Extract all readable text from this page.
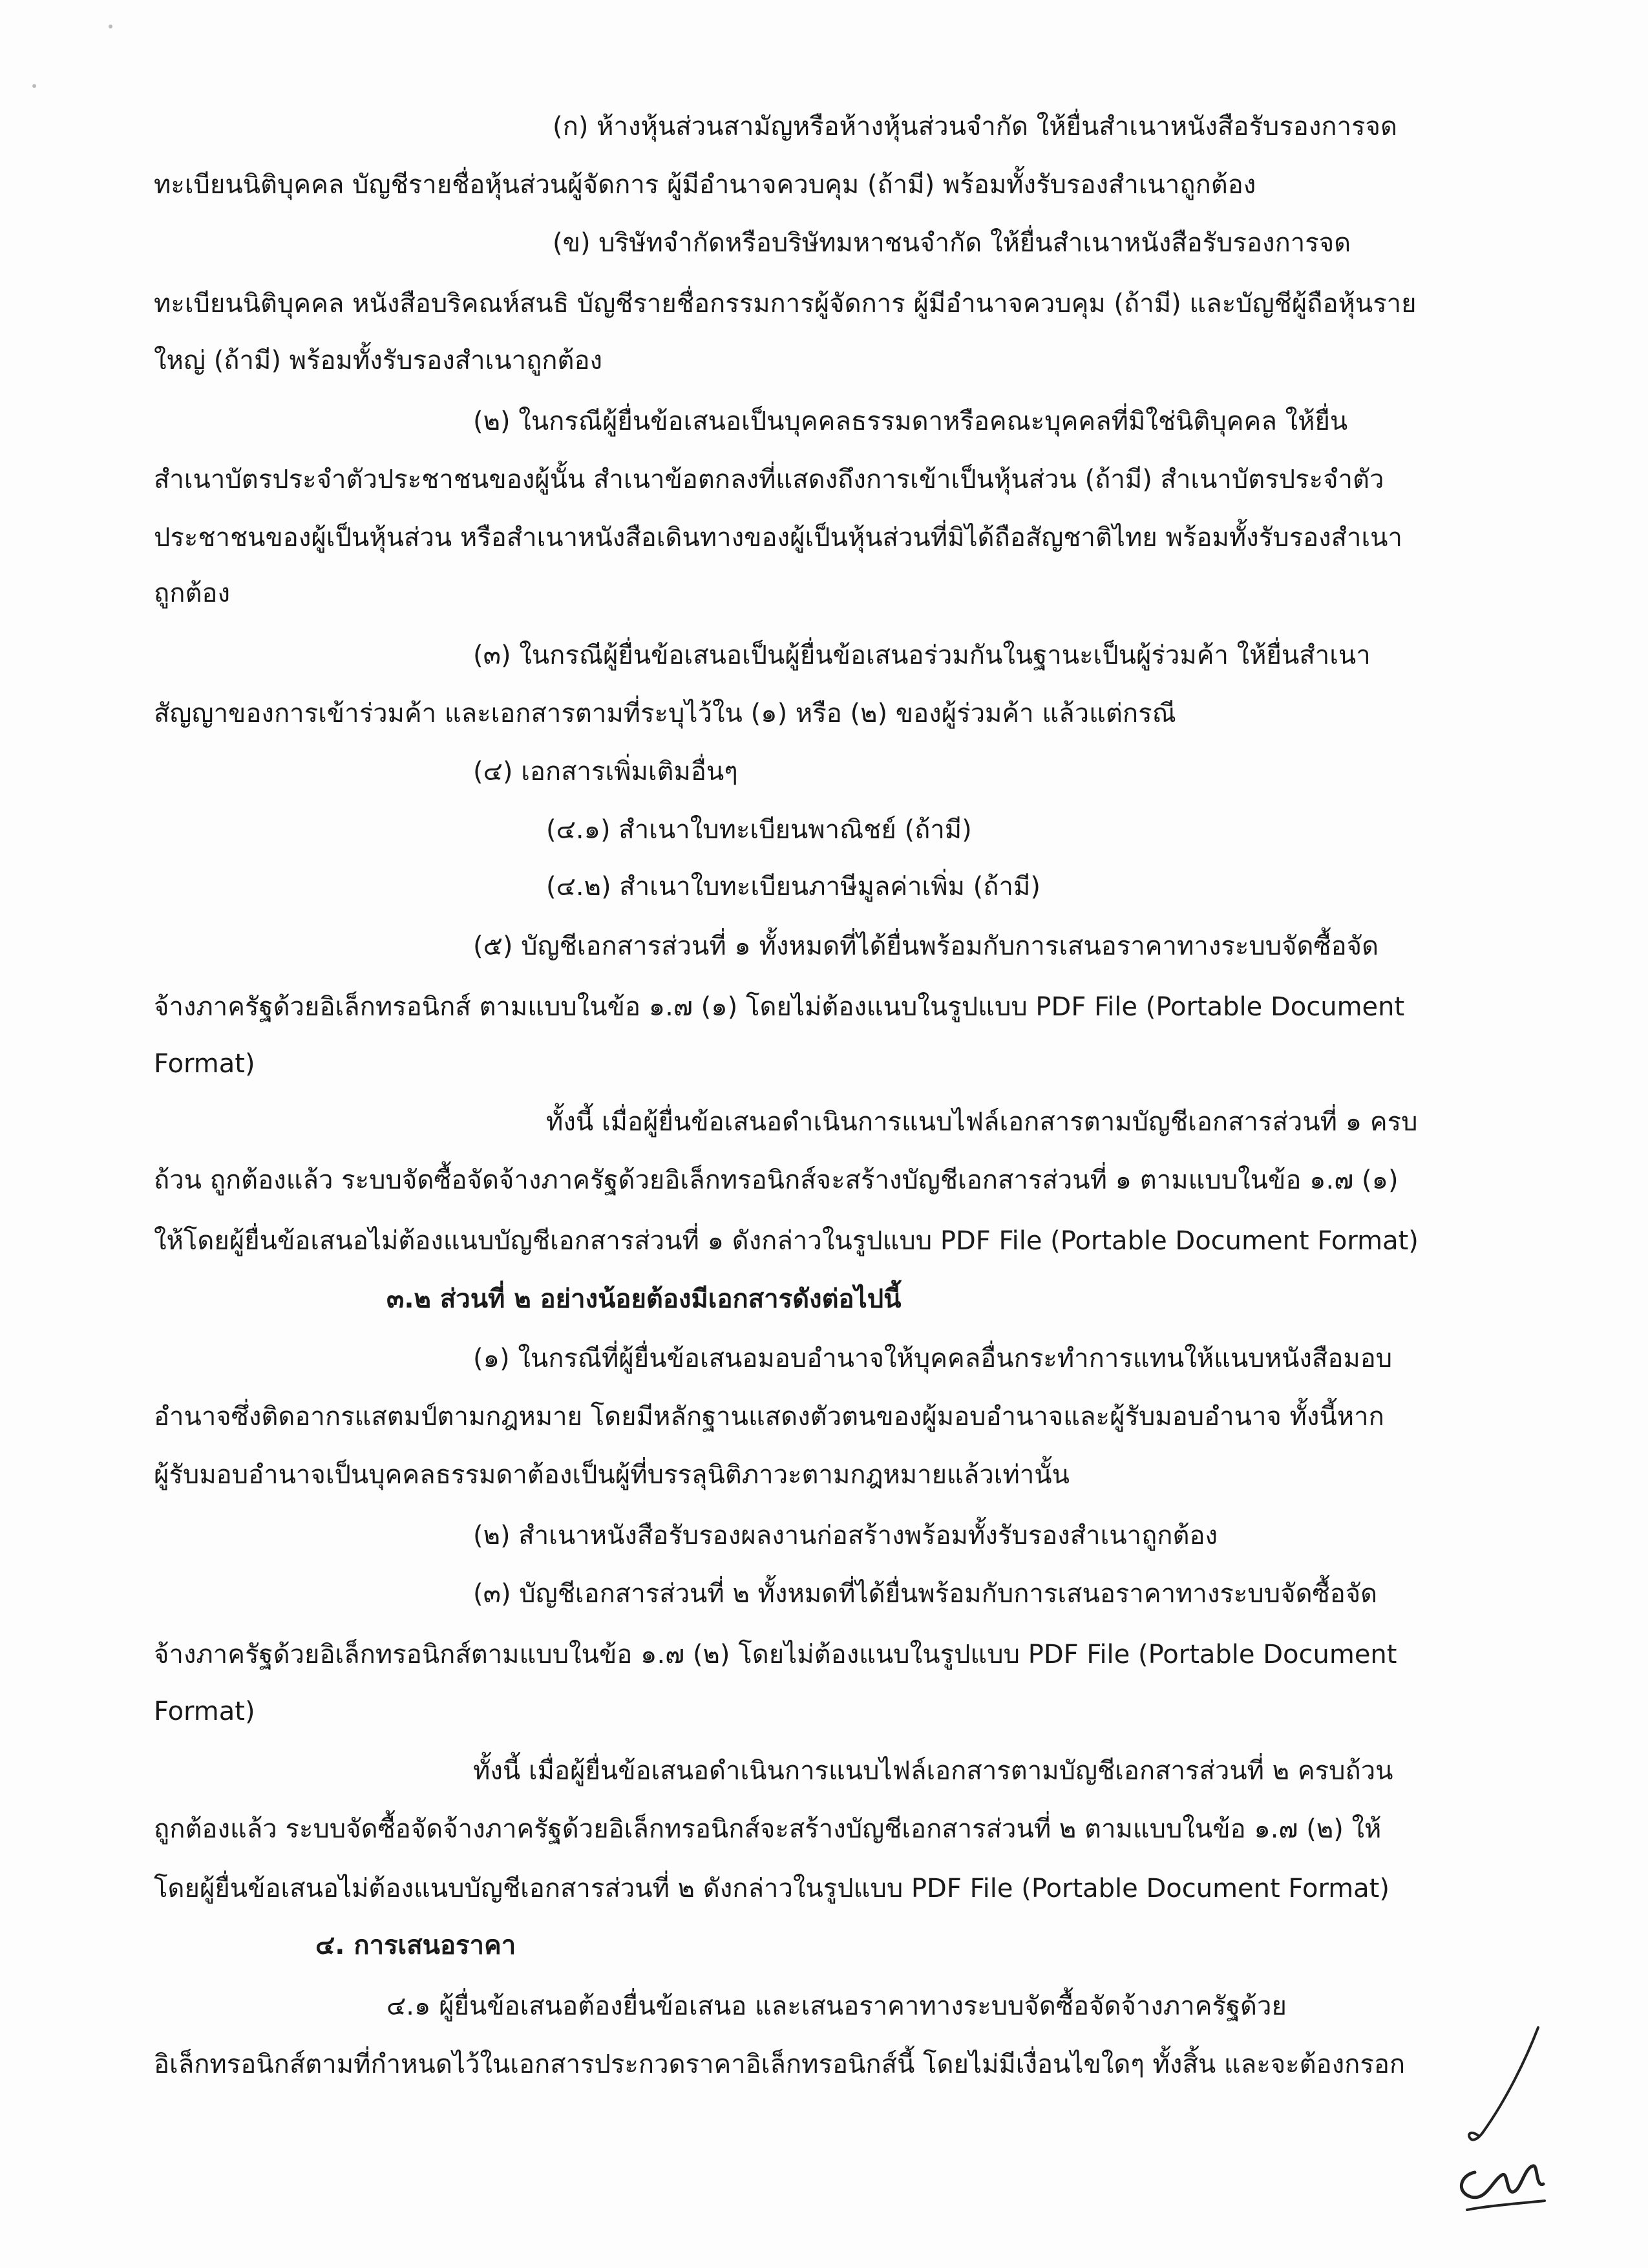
(ก) ห้างหุ้นส่วนสามัญหรือห้างหุ้นส่วนจำกัด ให้ยื่นสำเนาหนังสือรับรองการจด
ทะเบียนนิติบุคคล บัญชีรายชื่อหุ้นส่วนผู้จัดการ ผู้มีอำนาจควบคุม (ถ้ามี) พร้อมทั้งรับรองสำเนาถูกต้อง
(ข) บริษัทจำกัดหรือบริษัทมหาชนจำกัด ให้ยื่นสำเนาหนังสือรับรองการจด
ทะเบียนนิติบุคคล หนังสือบริคณห์สนธิ บัญชีรายชื่อกรรมการผู้จัดการ ผู้มีอำนาจควบคุม (ถ้ามี) และบัญชีผู้ถือหุ้นราย
ใหญ่ (ถ้ามี) พร้อมทั้งรับรองสำเนาถูกต้อง
(๒) ในกรณีผู้ยื่นข้อเสนอเป็นบุคคลธรรมดาหรือคณะบุคคลที่มิใช่นิติบุคคล ให้ยื่น
สำเนาบัตรประจำตัวประชาชนของผู้นั้น สำเนาข้อตกลงที่แสดงถึงการเข้าเป็นหุ้นส่วน (ถ้ามี) สำเนาบัตรประจำตัว
ประชาชนของผู้เป็นหุ้นส่วน หรือสำเนาหนังสือเดินทางของผู้เป็นหุ้นส่วนที่มิได้ถือสัญชาติไทย พร้อมทั้งรับรองสำเนา
ถูกต้อง
(๓) ในกรณีผู้ยื่นข้อเสนอเป็นผู้ยื่นข้อเสนอร่วมกันในฐานะเป็นผู้ร่วมค้า ให้ยื่นสำเนา
สัญญาของการเข้าร่วมค้า และเอกสารตามที่ระบุไว้ใน (๑) หรือ (๒) ของผู้ร่วมค้า แล้วแต่กรณี
(๔) เอกสารเพิ่มเติมอื่นๆ
(๔.๑) สำเนาใบทะเบียนพาณิชย์ (ถ้ามี)
(๔.๒) สำเนาใบทะเบียนภาษีมูลค่าเพิ่ม (ถ้ามี)
(๕) บัญชีเอกสารส่วนที่ ๑ ทั้งหมดที่ได้ยื่นพร้อมกับการเสนอราคาทางระบบจัดซื้อจัด
จ้างภาครัฐด้วยอิเล็กทรอนิกส์ ตามแบบในข้อ ๑.๗ (๑) โดยไม่ต้องแนบในรูปแบบ PDF File (Portable Document
Format)
ทั้งนี้ เมื่อผู้ยื่นข้อเสนอดำเนินการแนบไฟล์เอกสารตามบัญชีเอกสารส่วนที่ ๑ ครบ
ถ้วน ถูกต้องแล้ว ระบบจัดซื้อจัดจ้างภาครัฐด้วยอิเล็กทรอนิกส์จะสร้างบัญชีเอกสารส่วนที่ ๑ ตามแบบในข้อ ๑.๗ (๑)
ให้โดยผู้ยื่นข้อเสนอไม่ต้องแนบบัญชีเอกสารส่วนที่ ๑ ดังกล่าวในรูปแบบ PDF File (Portable Document Format)
๓.๒ ส่วนที่ ๒ อย่างน้อยต้องมีเอกสารดังต่อไปนี้
(๑) ในกรณีที่ผู้ยื่นข้อเสนอมอบอำนาจให้บุคคลอื่นกระทำการแทนให้แนบหนังสือมอบ
อำนาจซึ่งติดอากรแสตมป์ตามกฎหมาย โดยมีหลักฐานแสดงตัวตนของผู้มอบอำนาจและผู้รับมอบอำนาจ ทั้งนี้หาก
ผู้รับมอบอำนาจเป็นบุคคลธรรมดาต้องเป็นผู้ที่บรรลุนิติภาวะตามกฎหมายแล้วเท่านั้น
(๒) สำเนาหนังสือรับรองผลงานก่อสร้างพร้อมทั้งรับรองสำเนาถูกต้อง
(๓) บัญชีเอกสารส่วนที่ ๒ ทั้งหมดที่ได้ยื่นพร้อมกับการเสนอราคาทางระบบจัดซื้อจัด
จ้างภาครัฐด้วยอิเล็กทรอนิกส์ตามแบบในข้อ ๑.๗ (๒) โดยไม่ต้องแนบในรูปแบบ PDF File (Portable Document
Format)
ทั้งนี้ เมื่อผู้ยื่นข้อเสนอดำเนินการแนบไฟล์เอกสารตามบัญชีเอกสารส่วนที่ ๒ ครบถ้วน
ถูกต้องแล้ว ระบบจัดซื้อจัดจ้างภาครัฐด้วยอิเล็กทรอนิกส์จะสร้างบัญชีเอกสารส่วนที่ ๒ ตามแบบในข้อ ๑.๗ (๒) ให้
โดยผู้ยื่นข้อเสนอไม่ต้องแนบบัญชีเอกสารส่วนที่ ๒ ดังกล่าวในรูปแบบ PDF File (Portable Document Format)
๔. การเสนอราคา
๔.๑ ผู้ยื่นข้อเสนอต้องยื่นข้อเสนอ และเสนอราคาทางระบบจัดซื้อจัดจ้างภาครัฐด้วย
อิเล็กทรอนิกส์ตามที่กำหนดไว้ในเอกสารประกวดราคาอิเล็กทรอนิกส์นี้ โดยไม่มีเงื่อนไขใดๆ ทั้งสิ้น และจะต้องกรอก
